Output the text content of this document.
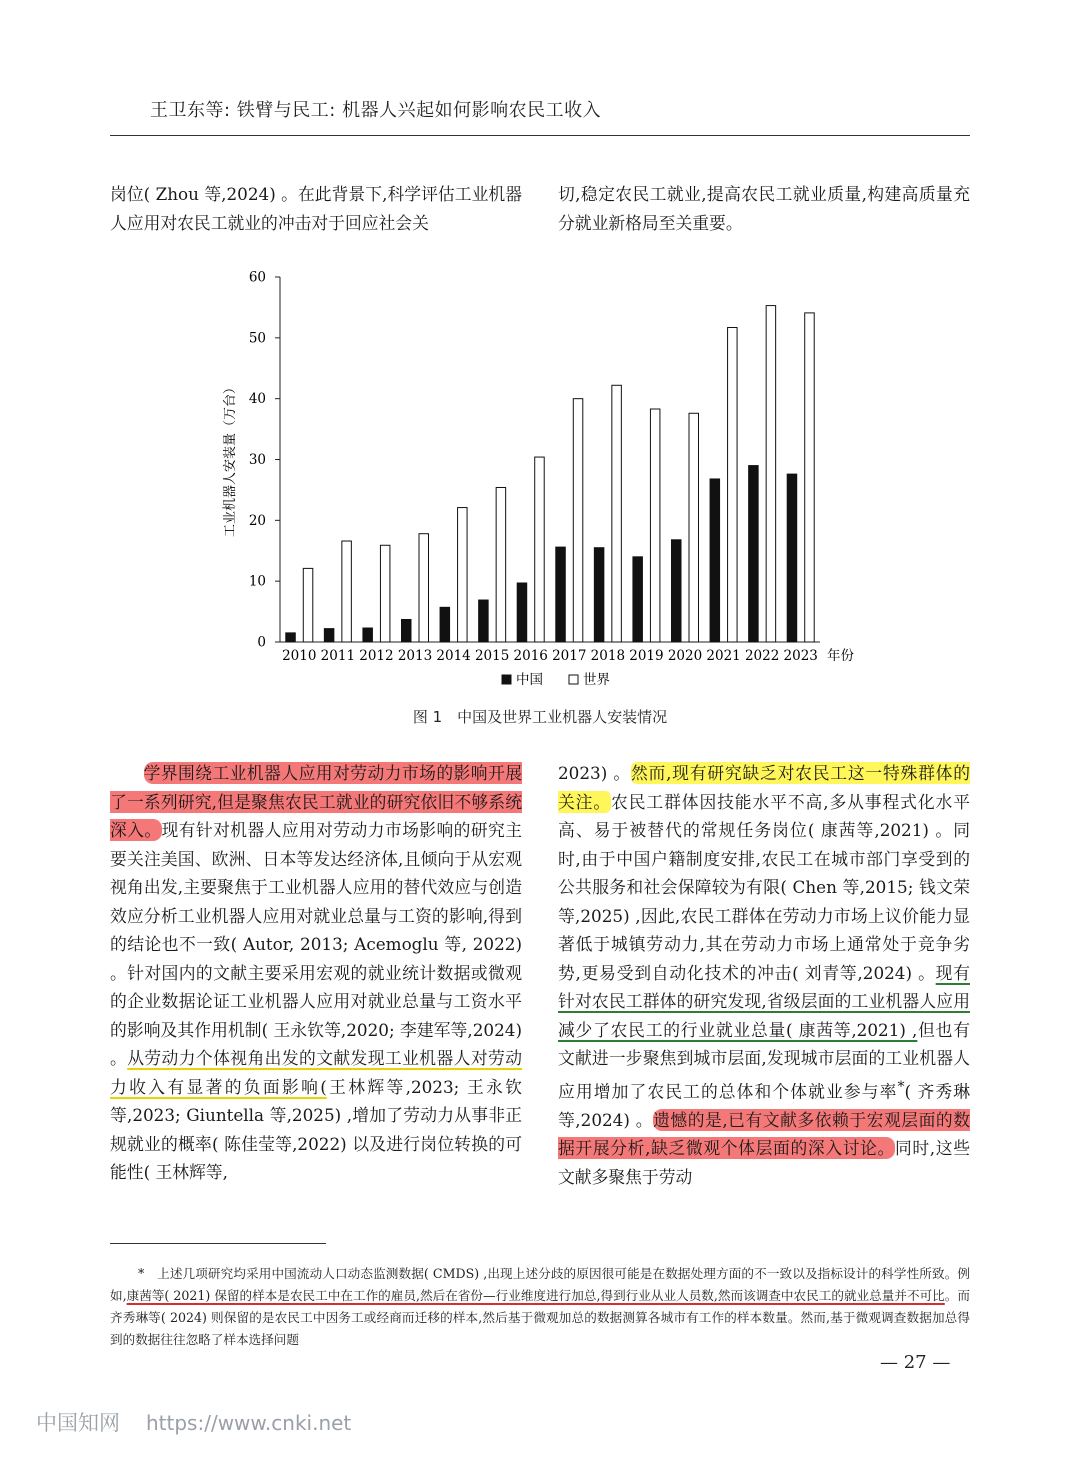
王卫东等: 铁臂与民工: 机器人兴起如何影响农民工收入
岗位( Zhou 等,2024) 。在此背景下,科学评估工业机器人应用对农民工就业的冲击对于回应社会关
切,稳定农民工就业,提高农民工就业质量,构建高质量充分就业新格局至关重要。
0
10
20
30
40
50
60
2010 2011 2012 2013 2014 2015 2016 2017 2018 2019 2020 2021 2022 2023
工业机器人安装量（万台）
年份
中国	世界
图 1　中国及世界工业机器人安装情况
学界围绕工业机器人应用对劳动力市场的影响开展了一系列研究,但是聚焦农民工就业的研究依旧不够系统深入。现有针对机器人应用对劳动力市场影响的研究主要关注美国、欧洲、日本等发达经济体,且倾向于从宏观视角出发,主要聚焦于工业机器人应用的替代效应与创造效应分析工业机器人应用对就业总量与工资的影响,得到的结论也不一致( Autor, 2013; Acemoglu 等, 2022) 。针对国内的文献主要采用宏观的就业统计数据或微观的企业数据论证工业机器人应用对就业总量与工资水平的影响及其作用机制( 王永钦等,2020; 李建军等,2024) 。从劳动力个体视角出发的文献发现工业机器人对劳动力收入有显著的负面影响(王林辉等,2023; 王永钦等,2023; Giuntella 等,2025) ,增加了劳动力从事非正规就业的概率( 陈佳莹等,2022) 以及进行岗位转换的可能性( 王林辉等,
2023) 。然而,现有研究缺乏对农民工这一特殊群体的关注。农民工群体因技能水平不高,多从事程式化水平高、易于被替代的常规任务岗位( 康茜等,2021) 。同时,由于中国户籍制度安排,农民工在城市部门享受到的公共服务和社会保障较为有限( Chen 等,2015; 钱文荣等,2025) ,因此,农民工群体在劳动力市场上议价能力显著低于城镇劳动力,其在劳动力市场上通常处于竞争劣势,更易受到自动化技术的冲击( 刘青等,2024) 。现有针对农民工群体的研究发现,省级层面的工业机器人应用减少了农民工的行业就业总量( 康茜等,2021) ,但也有文献进一步聚焦到城市层面,发现城市层面的工业机器人应用增加了农民工的总体和个体就业参与率*( 齐秀琳等,2024) 。遗憾的是,已有文献多依赖于宏观层面的数据开展分析,缺乏微观个体层面的深入讨论。同时,这些文献多聚焦于劳动
*　上述几项研究均采用中国流动人口动态监测数据( CMDS) ,出现上述分歧的原因很可能是在数据处理方面的不一致以及指标设计的科学性所致。例如,康茜等( 2021) 保留的样本是农民工中在工作的雇员,然后在省份—行业维度进行加总,得到行业从业人员数,然而该调查中农民工的就业总量并不可比。而齐秀琳等( 2024) 则保留的是农民工中因务工或经商而迁移的样本,然后基于微观加总的数据测算各城市有工作的样本数量。然而,基于微观调查数据加总得到的数据往往忽略了样本选择问题
— 27 —
中国知网 https://www.cnki.net
